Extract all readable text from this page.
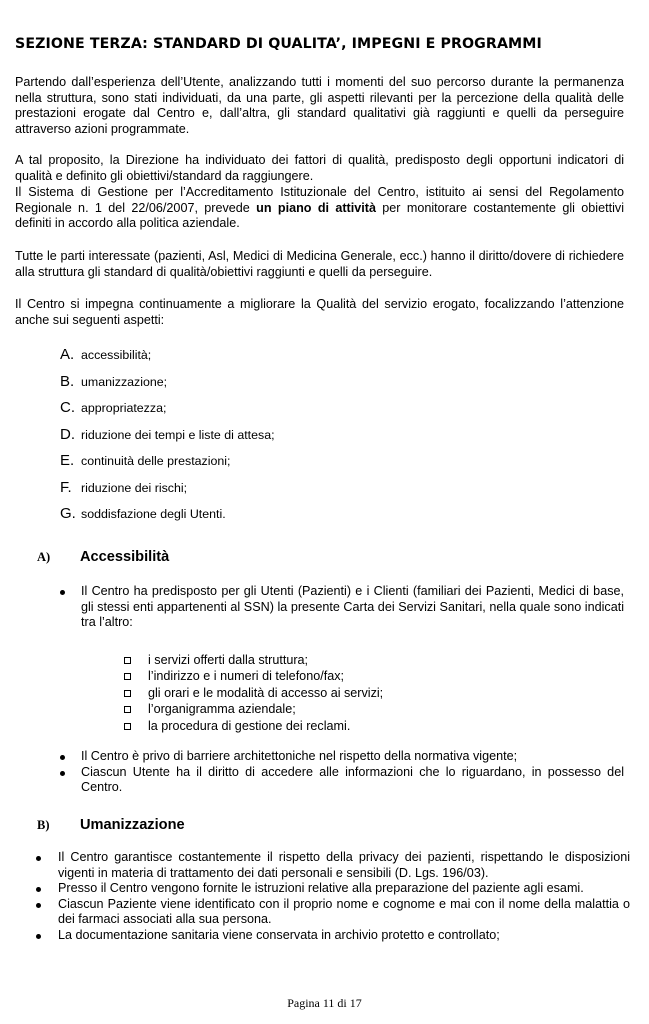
SEZIONE TERZA: STANDARD DI QUALITA’, IMPEGNI E PROGRAMMI
Partendo dall’esperienza dell’Utente, analizzando tutti i momenti del suo percorso durante la permanenza nella struttura, sono stati individuati, da una parte, gli aspetti rilevanti per la percezione della qualità delle prestazioni erogate dal Centro e, dall’altra, gli standard qualitativi già raggiunti e quelli da perseguire attraverso azioni programmate.
A tal proposito, la Direzione ha individuato dei fattori di qualità, predisposto degli opportuni indicatori di qualità e definito gli obiettivi/standard da raggiungere.
Il Sistema di Gestione per l’Accreditamento Istituzionale del Centro, istituito ai sensi del Regolamento Regionale n. 1 del 22/06/2007, prevede un piano di attività per monitorare costantemente gli obiettivi definiti in accordo alla politica aziendale.
Tutte le parti interessate (pazienti, Asl, Medici di Medicina Generale, ecc.) hanno il diritto/dovere di richiedere alla struttura gli standard di qualità/obiettivi raggiunti e quelli da perseguire.
Il Centro si impegna continuamente a migliorare la Qualità del servizio erogato, focalizzando l’attenzione anche sui seguenti aspetti:
A. accessibilità;
B. umanizzazione;
C. appropriatezza;
D. riduzione dei tempi e liste di attesa;
E. continuità delle prestazioni;
F. riduzione dei rischi;
G. soddisfazione degli Utenti.
A)	Accessibilità
Il Centro ha predisposto per gli Utenti (Pazienti) e i Clienti (familiari dei Pazienti, Medici di base, gli stessi enti appartenenti al SSN) la presente Carta dei Servizi Sanitari, nella quale sono indicati tra l’altro:
i servizi offerti dalla struttura;
l’indirizzo e i numeri di telefono/fax;
gli orari e le modalità di accesso ai servizi;
l’organigramma aziendale;
la procedura di gestione dei reclami.
Il Centro è privo di barriere architettoniche nel rispetto della normativa vigente;
Ciascun Utente ha il diritto di accedere alle informazioni che lo riguardano, in possesso del Centro.
B)	Umanizzazione
Il Centro garantisce costantemente il rispetto della privacy dei pazienti, rispettando le disposizioni vigenti in materia di trattamento dei dati personali e sensibili (D. Lgs. 196/03).
Presso il Centro vengono fornite le istruzioni relative alla preparazione del paziente agli esami.
Ciascun Paziente viene identificato con il proprio nome e cognome e mai con il nome della malattia o dei farmaci associati alla sua persona.
La documentazione sanitaria viene conservata in archivio protetto e controllato;
Pagina 11 di 17
